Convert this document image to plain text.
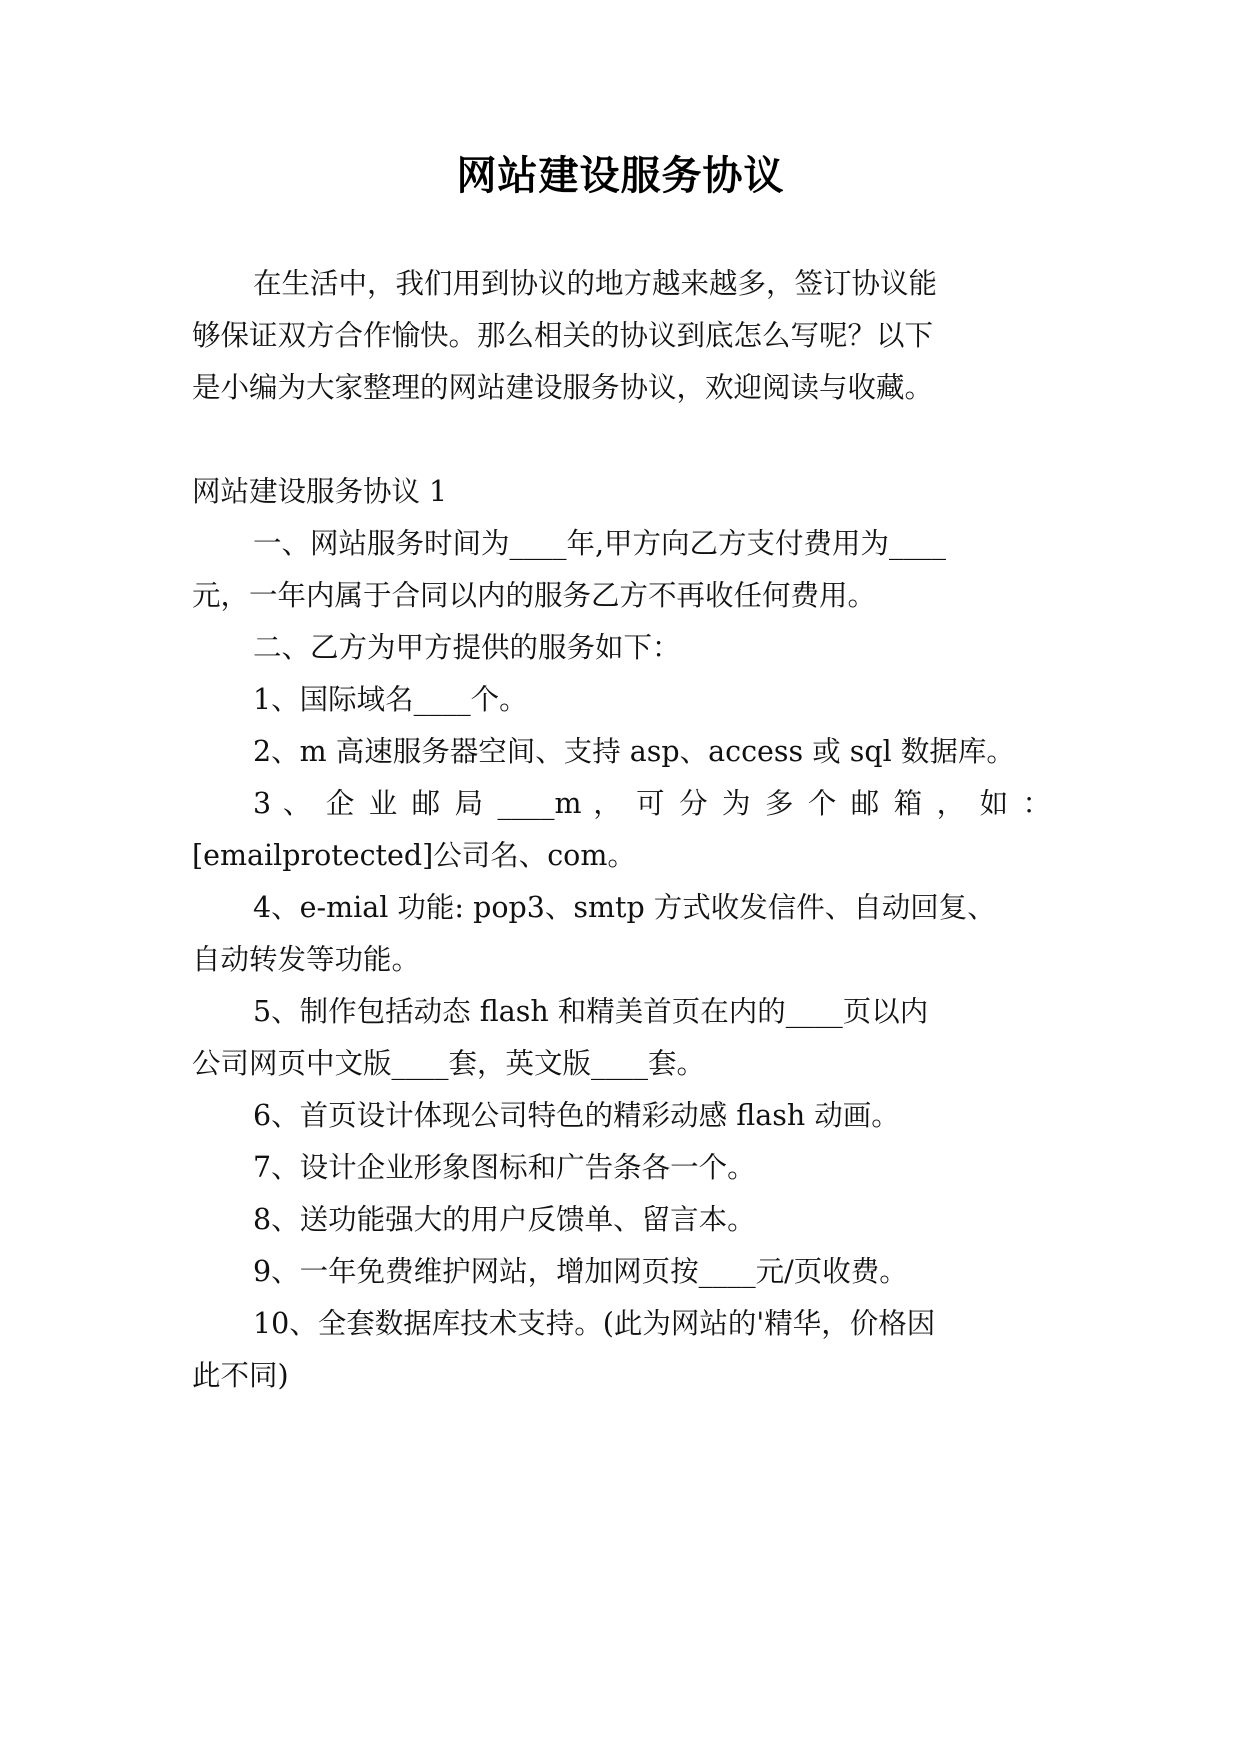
网站建设服务协议
在生活中，我们用到协议的地方越来越多，签订协议能
够保证双方合作愉快。那么相关的协议到底怎么写呢？以下
是小编为大家整理的网站建设服务协议，欢迎阅读与收藏。
网站建设服务协议 1
一、网站服务时间为____年,甲方向乙方支付费用为____
元，一年内属于合同以内的服务乙方不再收任何费用。
二、乙方为甲方提供的服务如下：
1、国际域名____个。
2、m 高速服务器空间、支持 asp、access 或 sql 数据库。
3 、 企 业 邮 局 ____m ， 可 分 为 多 个 邮 箱 ， 如 ：
[emailprotected]公司名、com。
4、e-mial 功能: pop3、smtp 方式收发信件、自动回复、
自动转发等功能。
5、制作包括动态 flash 和精美首页在内的____页以内
公司网页中文版____套，英文版____套。
6、首页设计体现公司特色的精彩动感 flash 动画。
7、设计企业形象图标和广告条各一个。
8、送功能强大的用户反馈单、留言本。
9、一年免费维护网站，增加网页按____元/页收费。
10、全套数据库技术支持。(此为网站的'精华，价格因
此不同)
